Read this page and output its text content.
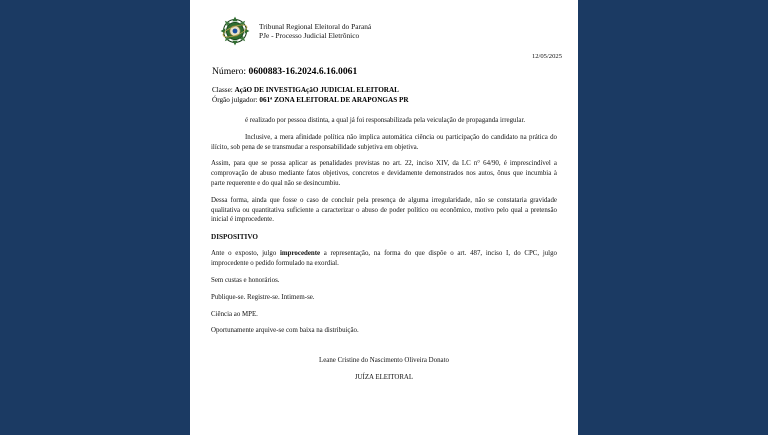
Tribunal Regional Eleitoral do Paraná
PJe - Processo Judicial Eletrônico
12/05/2025
Número: 0600883-16.2024.6.16.0061
Classe: AçãO DE INVESTIGAçãO JUDICIAL ELEITORAL
Órgão julgador: 061ª ZONA ELEITORAL DE ARAPONGAS PR

é realizado por pessoa distinta, a qual já foi responsabilizada pela veiculação de propaganda irregular.

Inclusive, a mera afinidade política não implica automática ciência ou participação do candidato na prática do ilícito, sob pena de se transmudar a responsabilidade subjetiva em objetiva.

Assim, para que se possa aplicar as penalidades previstas no art. 22, inciso XIV, da LC n° 64/90, é imprescindível a comprovação de abuso mediante fatos objetivos, concretos e devidamente demonstrados nos autos, ônus que incumbia à parte requerente e do qual não se desincumbiu.

Dessa forma, ainda que fosse o caso de concluir pela presença de alguma irregularidade, não se constataria gravidade qualitativa ou quantitativa suficiente a caracterizar o abuso de poder político ou econômico, motivo pelo qual a pretensão inicial é improcedente.

DISPOSITIVO

Ante o exposto, julgo improcedente a representação, na forma do que dispõe o art. 487, inciso I, do CPC, julgo improcedente o pedido formulado na exordial.

Sem custas e honorários.

Publique-se. Registre-se. Intimem-se.

Ciência ao MPE.

Oportunamente arquive-se com baixa na distribuição.

Leane Cristine do Nascimento Oliveira Donato
JUÍZA ELEITORAL
